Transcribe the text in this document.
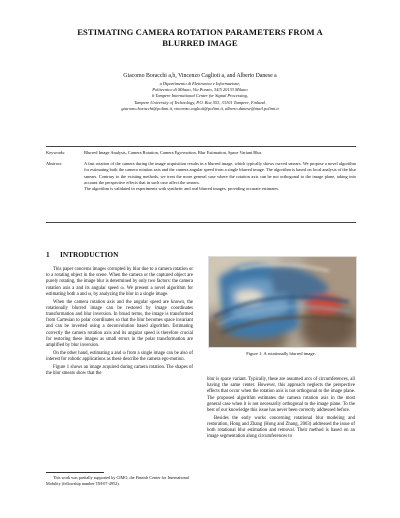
ESTIMATING CAMERA ROTATION PARAMETERS FROM A
BLURRED IMAGE
Giacomo Boracchi a,b, Vincenzo Caglioti a, and Alberto Danese a
a Dipartimento di Elettronica e Informazione,
Politecnico di Milano, Via Ponzio, 34/5 20133 Milano
b Tampere International Center for Signal Processing,
Tampere University of Technology, P.O. Box 553, 33101 Tampere, Finland.
giacomo.boracchi@polimi.it, vincenzo.caglioti@polimi.it, alberto.danese@mail.polimi.it
Keywords:	Blurred Image Analysis, Camera Rotation, Camera Ego-motion, Blur Estimation, Space Variant Blur.
Abstract:	A fast rotation of the camera during the image acquisition results in a blurred image, which typically shows curved smears. We propose a novel algorithm for estimating both the camera rotation axis and the camera angular speed from a single blurred image. The algorithm is based on local analysis of the blur smears. Contrary to the existing methods, we treat the more general case where the rotation axis can be not orthogonal to the image plane, taking into account the perspective effects that in such case affect the smears.

The algorithm is validated in experiments with synthetic and real blurred images, providing accurate estimates.

1 INTRODUCTION

This paper concerns images corrupted by blur due to a camera rotation or to a rotating object in the scene. When the camera or the captured object are purely rotating, the image blur is determined by only two factors: the camera rotation axis a and its angular speed ω. We present a novel algorithm for estimating both a and ω, by analyzing the blur in a single image.

When the camera rotation axis and the angular speed are known, the rotationally blurred image can be restored by image coordinates transformation and blur inversion. In broad terms, the image is transformed from Cartesian to polar coordinates so that the blur becomes space invariant and can be inverted using a deconvolution based algorithm. Estimating correctly the camera rotation axis and its angular speed is therefore crucial for restoring these images as small errors in the polar transformation are amplified by blur inversion.

On the other hand, estimating a and ω from a single image can be also of interest for robotic applications as these describe the camera ego-motion.

Figure 1 shows an image acquired during camera rotation. The shapes of the blur smears show that the

Figure 1: A rotationally blurred image.

blur is space variant. Typically, these are assumed arcs of circumferences, all having the same center. However, this approach neglects the perspective effects that occur when the rotation axis is not orthogonal to the image plane. The proposed algorithm estimates the camera rotation axis in the most general case when it is not necessarily orthogonal to the image plane. To the best of our knowledge this issue has never been correctly addressed before.

Besides the early works concerning rotational blur modeling and restoration, Hong and Zhang (Hong and Zhang, 2003) addressed the issue of both rotational blur estimation and removal. Their method is based on an image segmentation along circumferences to

This work was partially supported by CIMO, the Finnish Center for International Mobility (fellowship number TM-07-4952).
